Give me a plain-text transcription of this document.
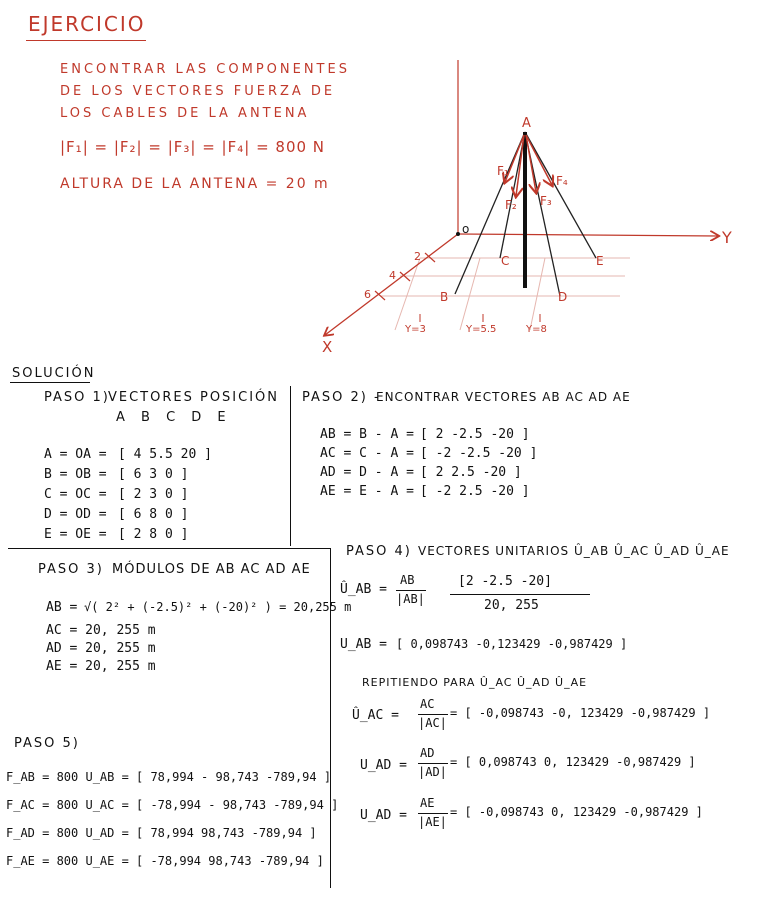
EJERCICIO
ENCONTRAR LAS COMPONENTES
DE LOS VECTORES FUERZA DE
LOS CABLES DE LA ANTENA
|F₁| = |F₂| = |F₃| = |F₄| = 800 N
ALTURA DE LA ANTENA = 20 m
o
A
B
C
D
E
Y
X
F₁
F₂ F₃
F₄
2
4
6
Y=3	Y=5.5	Y=8
SOLUCIÓN
PASO 1)
VECTORES POSICIÓN
A B C D E
A = OA = [ 4 5.5 20 ]
B = OB = [ 6 3 0 ]
C = OC = [ 2 3 0 ]
D = OD = [ 6 8 0 ]
E = OE = [ 2 8 0 ]
PASO 2) -
ENCONTRAR VECTORES AB AC AD AE
AB = B - A = [ 2 -2.5 -20 ]
AC = C - A = [ -2 -2.5 -20 ]
AD = D - A = [ 2 2.5 -20 ]
AE = E - A = [ -2 2.5 -20 ]
PASO 3) MÓDULOS DE AB AC AD AE
AB = √( 2² + (-2.5)² + (-20)² ) = 20,255 m
AC = 20, 255 m
AD = 20, 255 m
AE = 20, 255 m
PASO 4) VECTORES UNITARIOS Û_AB Û_AC Û_AD Û_AE
Û_AB =
AB
|AB|
[2 -2.5 -20]
20, 255
U_AB = [ 0,098743 -0,123429 -0,987429 ]
REPITIENDO PARA Û_AC Û_AD Û_AE
Û_AC =
AC
|AC|
= [ -0,098743 -0, 123429 -0,987429 ]
U_AD =
AD
|AD|
= [ 0,098743 0, 123429 -0,987429 ]
U_AD =
AE
|AE|
= [ -0,098743 0, 123429 -0,987429 ]
PASO 5)
F_AB = 800 U_AB = [ 78,994 - 98,743 -789,94 ]
F_AC = 800 U_AC = [ -78,994 - 98,743 -789,94 ]
F_AD = 800 U_AD = [ 78,994 98,743 -789,94 ]
F_AE = 800 U_AE = [ -78,994 98,743 -789,94 ]
